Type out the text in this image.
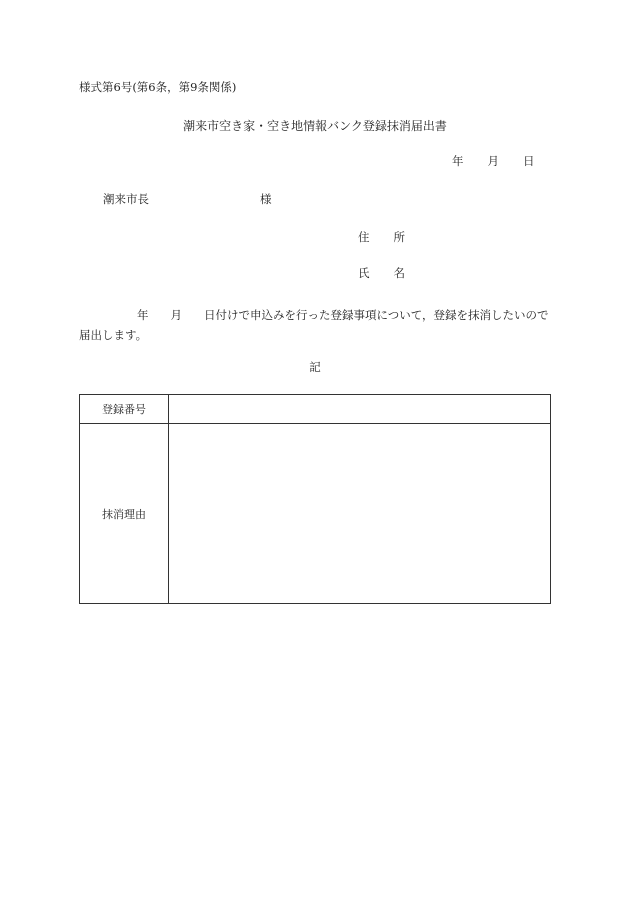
様式第6号(第6条，第9条関係)
潮来市空き家・空き地情報バンク登録抹消届出書
年 月 日
潮来市長	様
住 所
氏 名
年 月 日付けで申込みを行った登録事項について，登録を抹消したいので届出します。
記
登録番号	
抹消理由	
